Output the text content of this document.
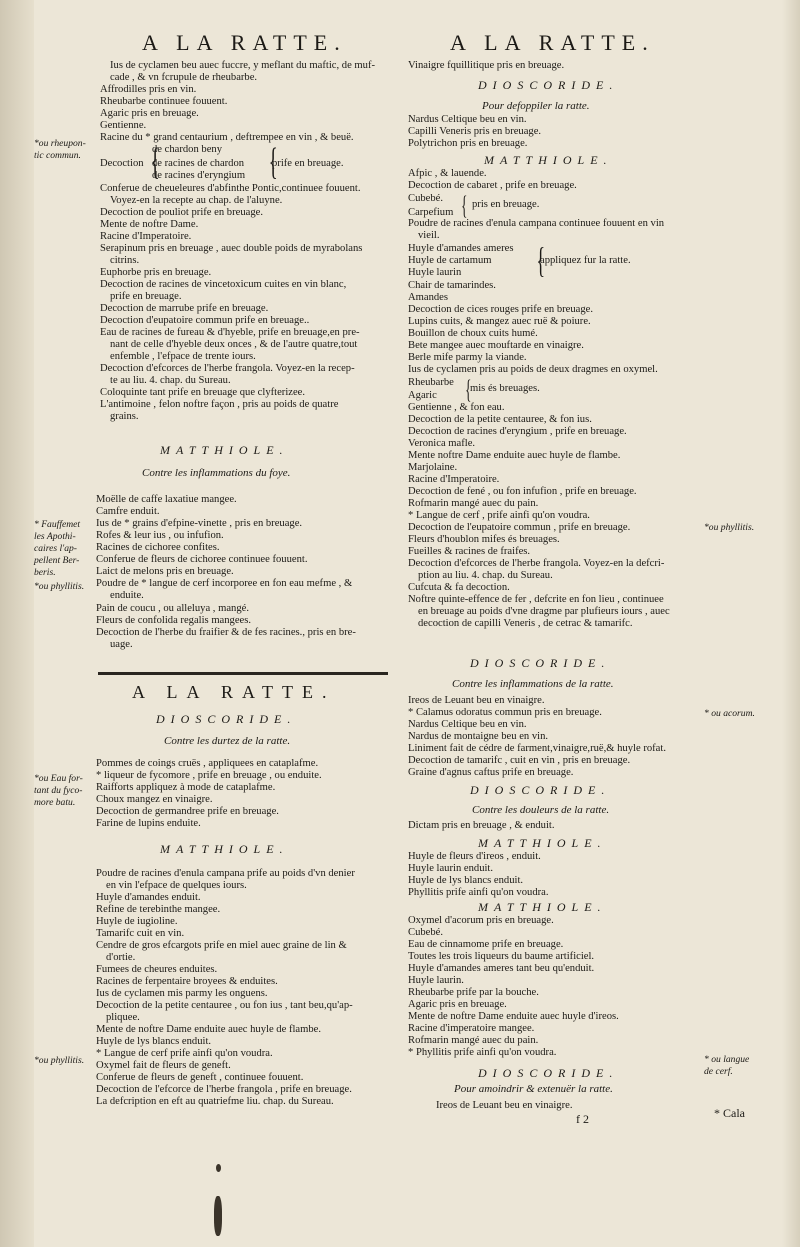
A LA RATTE.
Ius de cyclamen beu auec fuccre, y meflant du maftic, de muf-
cade , & vn fcrupule de rheubarbe.
Affrodilles pris en vin.
Rheubarbe continuee fouuent.
Agaric pris en breuage.
Gentienne.
Racine du * grand centaurium , deftrempee en vin , & beuë.
de chardon beny
Decoction de racines de chardon	prife en breuage.
de racines d'eryngium
Conferue de cheueleures d'abfinthe Pontic,continuee fouuent.
Voyez-en la recepte au chap. de l'aluyne.
Decoction de pouliot prife en breuage.
Mente de noftre Dame.
Racine d'Imperatoire.
Serapinum pris en breuage , auec double poids de myrabolans
citrins.
Euphorbe pris en breuage.
Decoction de racines de vincetoxicum cuites en vin blanc,
prife en breuage.
Decoction de marrube prife en breuage.
Decoction d'eupatoire commun prife en breuage..
Eau de racines de fureau & d'hyeble, prife en breuage,en pre-
nant de celle d'hyeble deux onces , & de l'autre quatre,tout
enfemble , l'efpace de trente iours.
Decoction d'efcorces de l'herbe frangola. Voyez-en la recep-
te au liu. 4. chap. du Sureau.
Coloquinte tant prife en breuage que clyfterizee.
L'antimoine , felon noftre façon , pris au poids de quatre
grains.
*ou rheupon-
tic commun.
MATTHIOLE.
Contre les inflammations du foye.
Moëlle de caffe laxatiue mangee.
Camfre enduit.
Ius de * grains d'efpine-vinette , pris en breuage.
Rofes & leur ius , ou infufion.
Racines de cichoree confites.
Conferue de fleurs de cichoree continuee fouuent.
Laict de melons pris en breuage.
Poudre de * langue de cerf incorporee en fon eau mefme , &
enduite.
Pain de coucu , ou alleluya , mangé.
Fleurs de confolida regalis mangees.
Decoction de l'herbe du fraifier & de fes racines., pris en bre-
uage.
* Fauffemet
les Apothi-
caires l'ap-
pellent Ber-
beris.
*ou phyllitis.
A LA RATTE.
DIOSCORIDE.
Contre les durtez de la ratte.
Pommes de coings cruës , appliquees en cataplafme.
* liqueur de fycomore , prife en breuage , ou enduite.
Raifforts appliquez à mode de cataplafme.
Choux mangez en vinaigre.
Decoction de germandree prife en breuage.
Farine de lupins enduite.
*ou Eau for-
tant du fyco-
more batu.
MATTHIOLE.
Poudre de racines d'enula campana prife au poids d'vn denier
en vin l'efpace de quelques iours.
Huyle d'amandes enduit.
Refine de terebinthe mangee.
Huyle de iugioline.
Tamarifc cuit en vin.
Cendre de gros efcargots prife en miel auec graine de lin &
d'ortie.
Fumees de cheures enduites.
Racines de ferpentaire broyees & enduites.
Ius de cyclamen mis parmy les onguens.
Decoction de la petite centauree , ou fon ius , tant beu,qu'ap-
pliquee.
Mente de noftre Dame enduite auec huyle de flambe.
Huyle de lys blancs enduit.
* Langue de cerf prife ainfi qu'on voudra.
Oxymel fait de fleurs de geneft.
Conferue de fleurs de geneft , continuee fouuent.
Decoction de l'efcorce de l'herbe frangola , prife en breuage.
La defcription en eft au quatriefme liu. chap. du Sureau.
*ou phyllitis.
A LA RATTE.
Vinaigre fquillitique pris en breuage.
DIOSCORIDE.
Pour defoppiler la ratte.
Nardus Celtique beu en vin.
Capilli Veneris pris en breuage.
Polytrichon pris en breuage.
MATTHIOLE.
Afpic , & lauende.
Decoction de cabaret , prife en breuage.
Cubebé.
pris en breuage.
Carpefium
Poudre de racines d'enula campana continuee fouuent en vin
vieil.
Huyle d'amandes ameres
Huyle de cartamum	appliquez fur la ratte.
Huyle laurin
Chair de tamarindes.
Amandes
Decoction de cices rouges prife en breuage.
Lupins cuits, & mangez auec ruë & poiure.
Bouillon de choux cuits humé.
Bete mangee auec mouftarde en vinaigre.
Berle mife parmy la viande.
Ius de cyclamen pris au poids de deux dragmes en oxymel.
Rheubarbe
mis és breuages.
Agaric
Gentienne , & fon eau.
Decoction de la petite centauree, & fon ius.
Decoction de racines d'eryngium , prife en breuage.
Veronica mafle.
Mente noftre Dame enduite auec huyle de flambe.
Marjolaine.
Racine d'Imperatoire.
Decoction de fené , ou fon infufion , prife en breuage.
Rofmarin mangé auec du pain.
* Langue de cerf , prife ainfi qu'on voudra.
Decoction de l'eupatoire commun , prife en breuage.
Fleurs d'houblon mifes és breuages.
Fueilles & racines de fraifes.
Decoction d'efcorces de l'herbe frangola. Voyez-en la defcri-
ption au liu. 4. chap. du Sureau.
Cufcuta & fa decoction.
Noftre quinte-effence de fer , defcrite en fon lieu , continuee
en breuage au poids d'vne dragme par plufieurs iours , auec
decoction de capilli Veneris , de cetrac & tamarifc.
*ou phyllitis.
DIOSCORIDE.
Contre les inflammations de la ratte.
Ireos de Leuant beu en vinaigre.
* Calamus odoratus commun pris en breuage.
Nardus Celtique beu en vin.
Nardus de montaigne beu en vin.
Liniment fait de cédre de farment,vinaigre,ruë,& huyle rofat.
Decoction de tamarifc , cuit en vin , pris en breuage.
Graine d'agnus caftus prife en breuage.
* ou acorum.
DIOSCORIDE.
Contre les douleurs de la ratte.
Dictam pris en breuage , & enduit.
MATTHIOLE.
Huyle de fleurs d'ireos , enduit.
Huyle laurin enduit.
Huyle de lys blancs enduit.
Phyllitis prife ainfi qu'on voudra.
MATTHIOLE.
Oxymel d'acorum pris en breuage.
Cubebé.
Eau de cinnamome prife en breuage.
Toutes les trois liqueurs du baume artificiel.
Huyle d'amandes ameres tant beu qu'enduit.
Huyle laurin.
Rheubarbe prife par la bouche.
Agaric pris en breuage.
Mente de noftre Dame enduite auec huyle d'ireos.
Racine d'imperatoire mangee.
Rofmarin mangé auec du pain.
* Phyllitis prife ainfi qu'on voudra.
* ou langue
de cerf.
DIOSCORIDE.
Pour amoindrir & extenuër la ratte.
Ireos de Leuant beu en vinaigre.
f 2	* Cala
{	{
{
{
{
